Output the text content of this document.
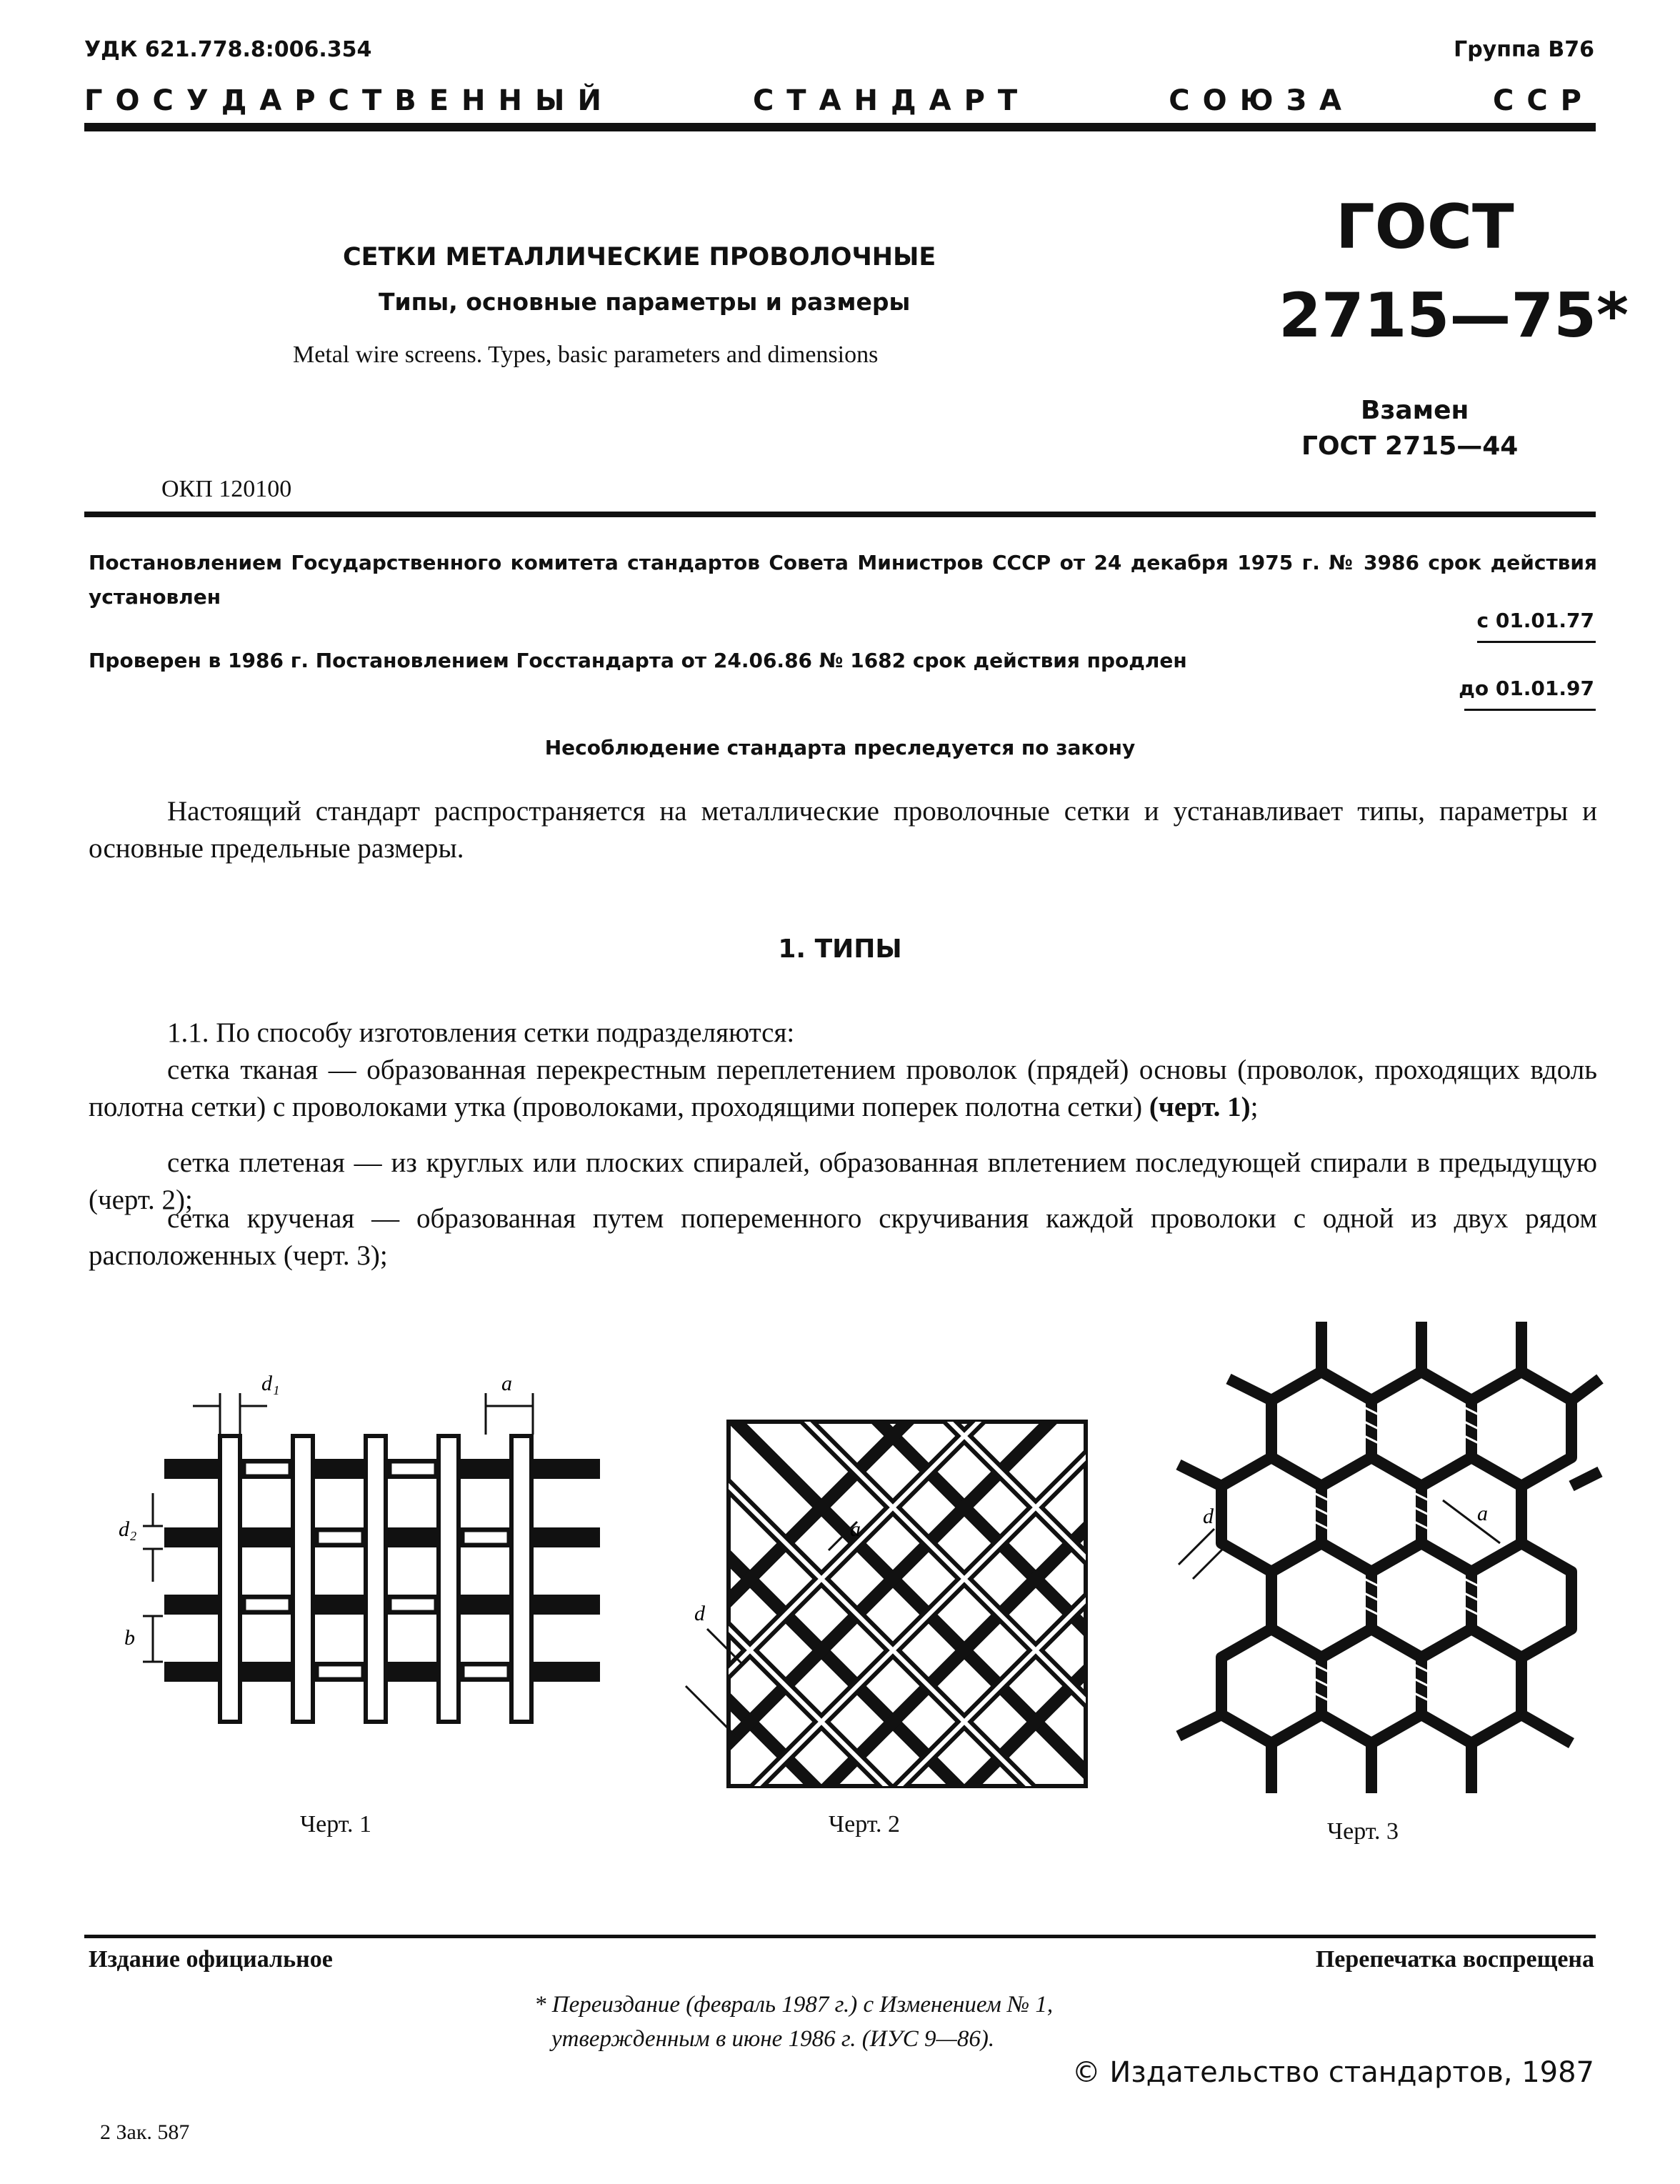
УДК 621.778.8:006.354	Группа В76
ГОСУДАРСТВЕННЫЙ	СТАНДАРТ	СОЮЗА	ССР
СЕТКИ МЕТАЛЛИЧЕСКИЕ ПРОВОЛОЧНЫЕ
Типы, основные параметры и размеры
Metal wire screens. Types, basic parameters and dimensions
ГОСТ
2715—75*
Взамен
ГОСТ 2715—44
ОКП 120100
Постановлением Государственного комитета стандартов Совета Министров СССР от 24 декабря 1975 г. № 3986 срок действия установлен
с 01.01.77
Проверен в 1986 г. Постановлением Госстандарта от 24.06.86 № 1682 срок действия продлен
до 01.01.97
Несоблюдение стандарта преследуется по закону
Настоящий стандарт распространяется на металлические проволочные сетки и устанавливает типы, параметры и основные предельные размеры.
1. ТИПЫ
1.1. По способу изготовления сетки подразделяются:
сетка тканая — образованная перекрестным переплетением проволок (прядей) основы (проволок, проходящих вдоль полотна сетки) с проволоками утка (проволоками, проходящими поперек полотна сетки) (черт. 1);
сетка плетеная — из круглых или плоских спиралей, образованная вплетением последующей спирали в предыдущую (черт. 2);
сетка крученая — образованная путем попеременного скручивания каждой проволоки с одной из двух рядом расположенных (черт. 3);
d₁	a
d₂
b
Черт. 1
a
d
Черт. 2
a
d
Черт. 3
Издание официальное	Перепечатка воспрещена
* Переиздание (февраль 1987 г.) с Изменением № 1,
утвержденным в июне 1986 г. (ИУС 9—86).
© Издательство стандартов, 1987
2 Зак. 587
